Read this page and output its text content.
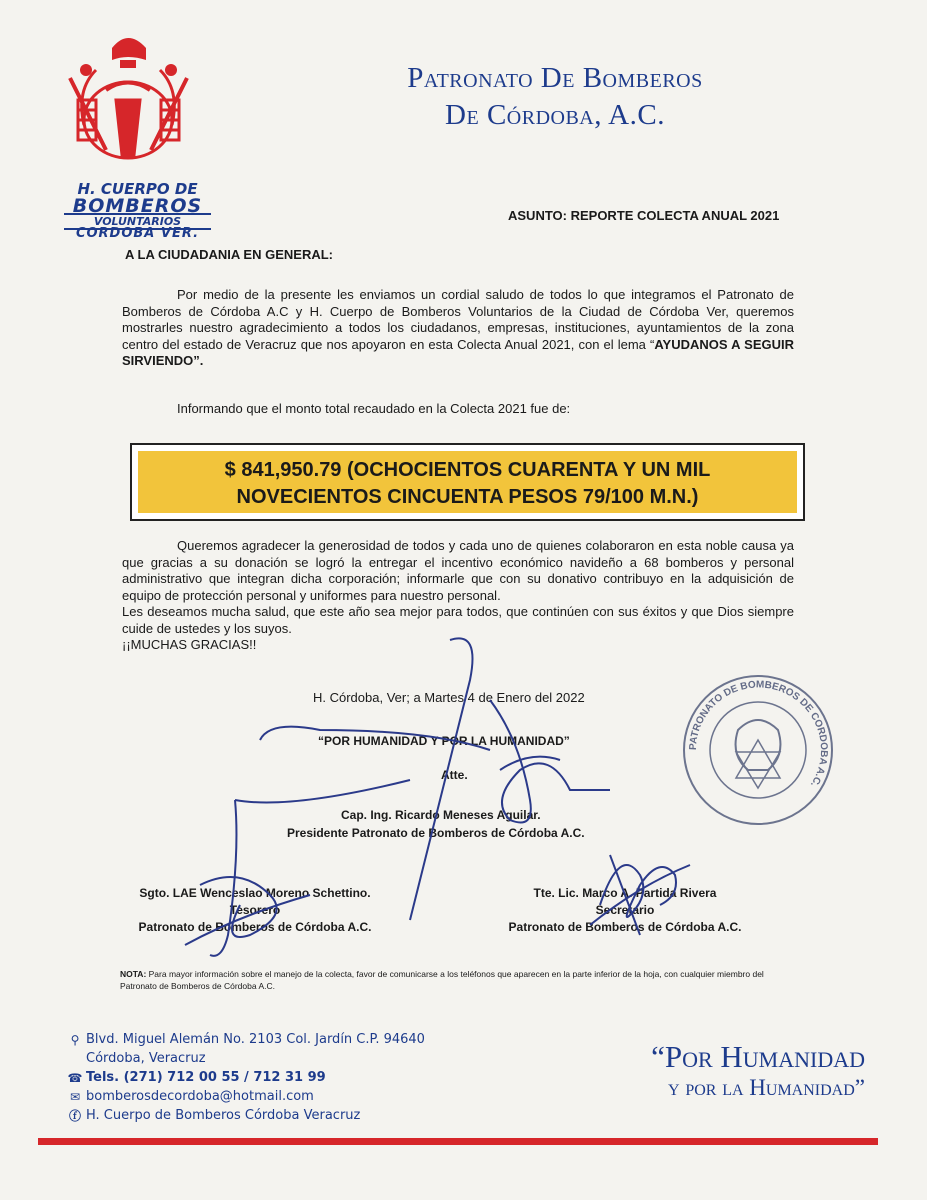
H. CUERPO DE
BOMBEROS
VOLUNTARIOS
CORDOBA VER.
Patronato De Bomberos
De Córdoba, A.C.
ASUNTO: REPORTE COLECTA ANUAL 2021
A LA CIUDADANIA EN GENERAL:
Por medio de la presente les enviamos un cordial saludo de todos lo que integramos el Patronato de Bomberos de Córdoba A.C y H. Cuerpo de Bomberos Voluntarios de la Ciudad de Córdoba Ver, queremos mostrarles nuestro agradecimiento a todos los ciudadanos, empresas, instituciones, ayuntamientos de la zona centro del estado de Veracruz que nos apoyaron en esta Colecta Anual 2021, con el lema “AYUDANOS A SEGUIR SIRVIENDO”.
Informando que el monto total recaudado en la Colecta 2021 fue de:
$ 841,950.79 (OCHOCIENTOS CUARENTA Y UN MIL
NOVECIENTOS CINCUENTA PESOS 79/100 M.N.)
Queremos agradecer la generosidad de todos y cada uno de quienes colaboraron en esta noble causa ya que gracias a su donación se logró la entregar el incentivo económico navideño a 68 bomberos y personal administrativo que integran dicha corporación; informarle que con su donativo contribuyo en la adquisición de equipo de protección personal y uniformes para nuestro personal.
Les deseamos mucha salud, que este año sea mejor para todos, que continúen con sus éxitos y que Dios siempre cuide de ustedes y los suyos.
¡¡MUCHAS GRACIAS!!
H. Córdoba, Ver; a Martes 4 de Enero del 2022
“POR HUMANIDAD Y POR LA HUMANIDAD”
Atte.
Cap. Ing. Ricardo Meneses Aguilar.
Presidente Patronato de Bomberos de Córdoba A.C.
Sgto. LAE Wenceslao Moreno Schettino.
Tesorero
Patronato de Bomberos de Córdoba A.C.
Tte. Lic. Marco A. Partida Rivera
Secretario
Patronato de Bomberos de Córdoba A.C.
PATRONATO DE BOMBEROS DE CORDOBA A.C.
NOTA: Para mayor información sobre el manejo de la colecta, favor de comunicarse a los teléfonos que aparecen en la parte inferior de la hoja, con cualquier miembro del Patronato de Bomberos de Córdoba A.C.
⚲ Blvd. Miguel Alemán No. 2103 Col. Jardín C.P. 94640
Córdoba, Veracruz
☎ Tels. (271) 712 00 55 / 712 31 99
✉ bomberosdecordoba@hotmail.com
ⓕ H. Cuerpo de Bomberos Córdoba Veracruz
“Por Humanidad
y por la Humanidad”
